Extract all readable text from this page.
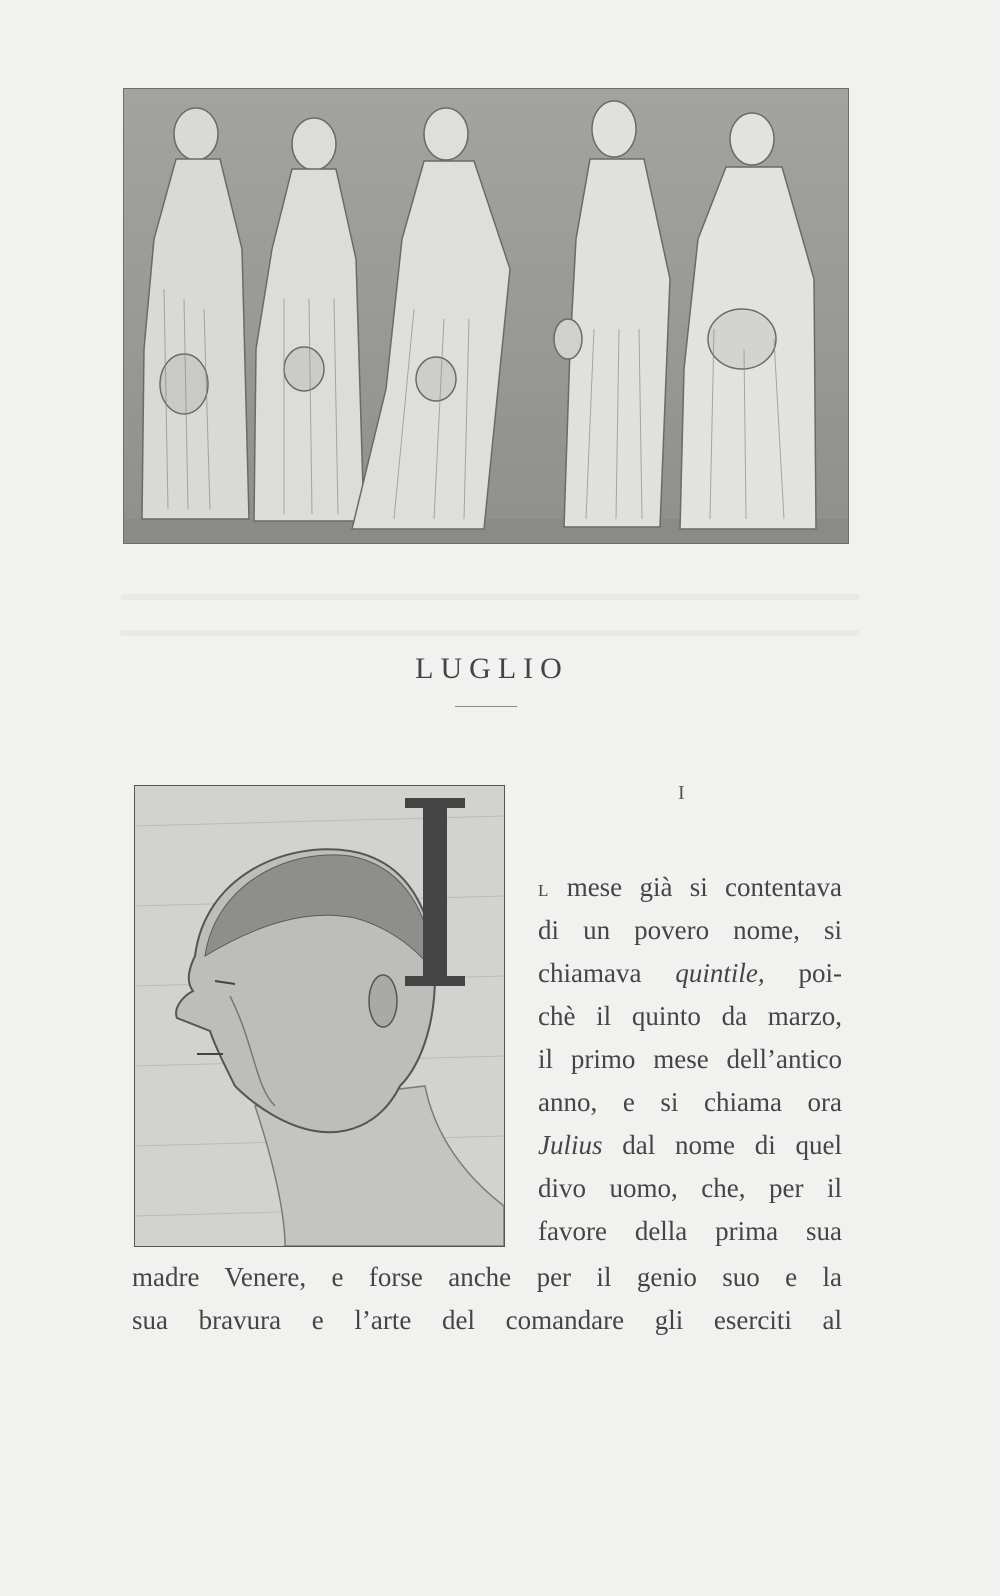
LUGLIO
I
L mese già si contentava
di un povero nome, si
chiamava quintile, poi-
chè il quinto da marzo,
il primo mese dell’antico
anno, e si chiama ora
Julius dal nome di quel
divo uomo, che, per il
favore della prima sua
madre Venere, e forse anche per il genio suo e la
sua bravura e l’arte del comandare gli eserciti al
